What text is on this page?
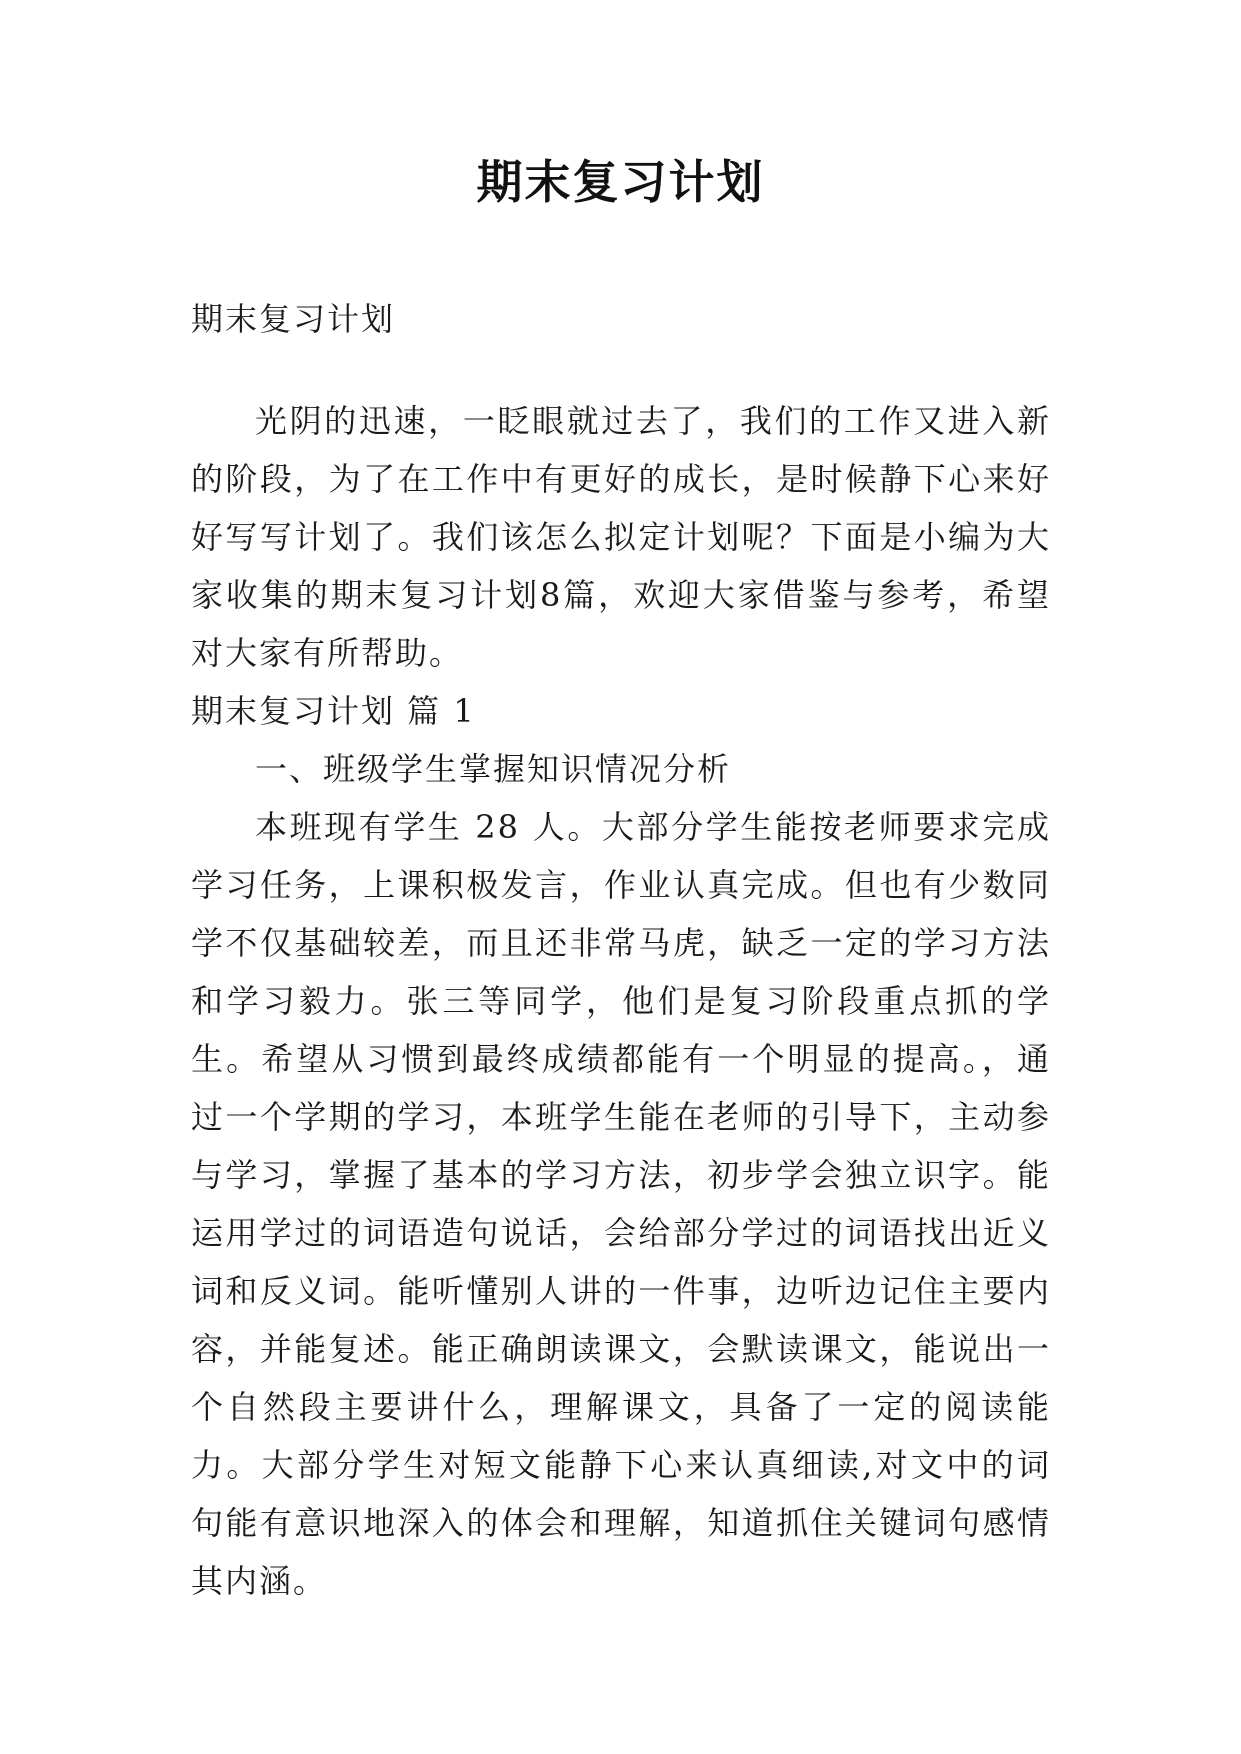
期末复习计划

期末复习计划

光阴的迅速，一眨眼就过去了，我们的工作又进入新的阶段，为了在工作中有更好的成长，是时候静下心来好好写写计划了。我们该怎么拟定计划呢？下面是小编为大家收集的期末复习计划8篇，欢迎大家借鉴与参考，希望对大家有所帮助。

期末复习计划 篇 1

一、班级学生掌握知识情况分析

本班现有学生 28 人。大部分学生能按老师要求完成学习任务，上课积极发言，作业认真完成。但也有少数同学不仅基础较差，而且还非常马虎，缺乏一定的学习方法和学习毅力。张三等同学，他们是复习阶段重点抓的学生。希望从习惯到最终成绩都能有一个明显的提高。，通过一个学期的学习，本班学生能在老师的引导下，主动参与学习，掌握了基本的学习方法，初步学会独立识字。能运用学过的词语造句说话，会给部分学过的词语找出近义词和反义词。能听懂别人讲的一件事，边听边记住主要内容，并能复述。能正确朗读课文，会默读课文，能说出一个自然段主要讲什么，理解课文，具备了一定的阅读能力。大部分学生对短文能静下心来认真细读,对文中的词句能有意识地深入的体会和理解，知道抓住关键词句感情其内涵。
